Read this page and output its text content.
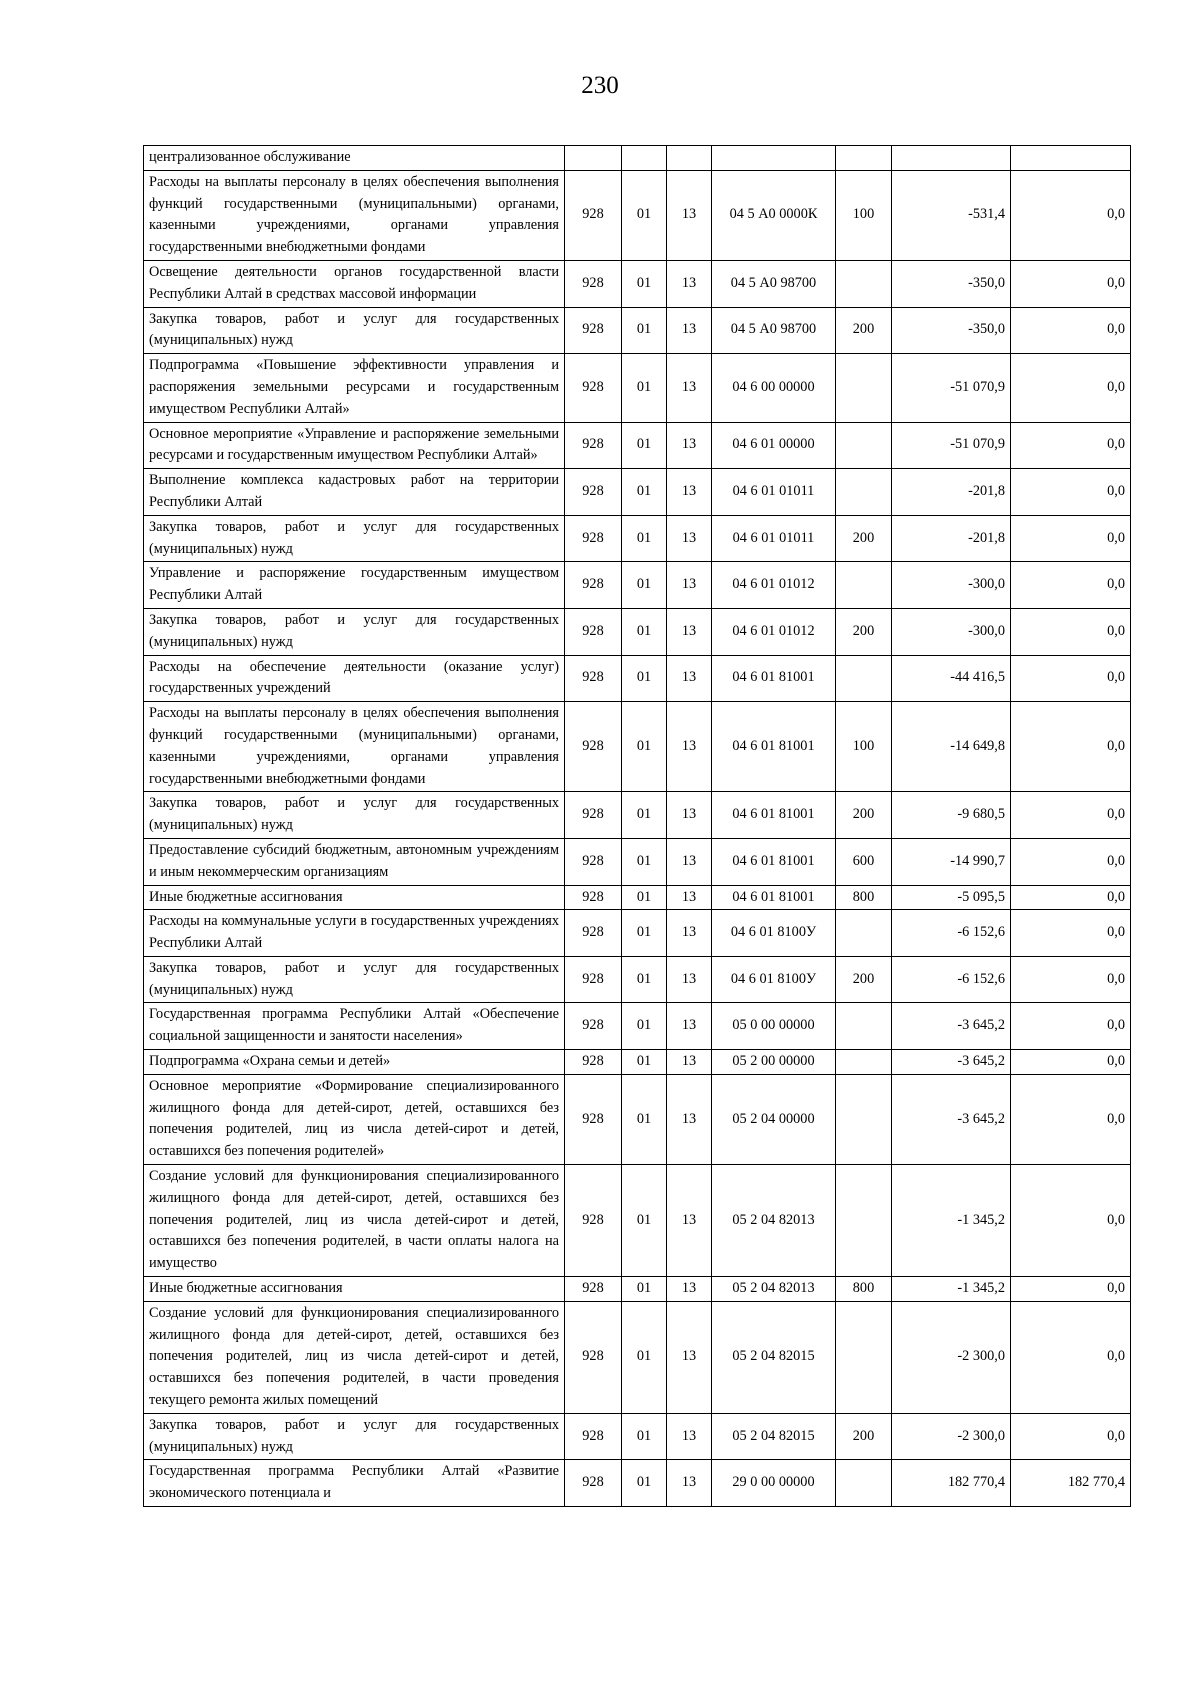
230
централизованное обслуживание							
Расходы на выплаты персоналу в целях обеспечения выполнения функций государственными (муниципальными) органами, казенными учреждениями, органами управления государственными внебюджетными фондами	928	01	13	04 5 А0 0000К	100	-531,4	0,0
Освещение деятельности органов государственной власти Республики Алтай в средствах массовой информации	928	01	13	04 5 А0 98700		-350,0	0,0
Закупка товаров, работ и услуг для государственных (муниципальных) нужд	928	01	13	04 5 А0 98700	200	-350,0	0,0
Подпрограмма «Повышение эффективности управления и распоряжения земельными ресурсами и государственным имуществом Республики Алтай»	928	01	13	04 6 00 00000		-51 070,9	0,0
Основное мероприятие «Управление и распоряжение земельными ресурсами и государственным имуществом Республики Алтай»	928	01	13	04 6 01 00000		-51 070,9	0,0
Выполнение комплекса кадастровых работ на территории Республики Алтай	928	01	13	04 6 01 01011		-201,8	0,0
Закупка товаров, работ и услуг для государственных (муниципальных) нужд	928	01	13	04 6 01 01011	200	-201,8	0,0
Управление и распоряжение государственным имуществом Республики Алтай	928	01	13	04 6 01 01012		-300,0	0,0
Закупка товаров, работ и услуг для государственных (муниципальных) нужд	928	01	13	04 6 01 01012	200	-300,0	0,0
Расходы на обеспечение деятельности (оказание услуг) государственных учреждений	928	01	13	04 6 01 81001		-44 416,5	0,0
Расходы на выплаты персоналу в целях обеспечения выполнения функций государственными (муниципальными) органами, казенными учреждениями, органами управления государственными внебюджетными фондами	928	01	13	04 6 01 81001	100	-14 649,8	0,0
Закупка товаров, работ и услуг для государственных (муниципальных) нужд	928	01	13	04 6 01 81001	200	-9 680,5	0,0
Предоставление субсидий бюджетным, автономным учреждениям и иным некоммерческим организациям	928	01	13	04 6 01 81001	600	-14 990,7	0,0
Иные бюджетные ассигнования	928	01	13	04 6 01 81001	800	-5 095,5	0,0
Расходы на коммунальные услуги в государственных учреждениях Республики Алтай	928	01	13	04 6 01 8100У		-6 152,6	0,0
Закупка товаров, работ и услуг для государственных (муниципальных) нужд	928	01	13	04 6 01 8100У	200	-6 152,6	0,0
Государственная программа Республики Алтай «Обеспечение социальной защищенности и занятости населения»	928	01	13	05 0 00 00000		-3 645,2	0,0
Подпрограмма «Охрана семьи и детей»	928	01	13	05 2 00 00000		-3 645,2	0,0
Основное мероприятие «Формирование специализированного жилищного фонда для детей-сирот, детей, оставшихся без попечения родителей, лиц из числа детей-сирот и детей, оставшихся без попечения родителей»	928	01	13	05 2 04 00000		-3 645,2	0,0
Создание условий для функционирования специализированного жилищного фонда для детей-сирот, детей, оставшихся без попечения родителей, лиц из числа детей-сирот и детей, оставшихся без попечения родителей, в части оплаты налога на имущество	928	01	13	05 2 04 82013		-1 345,2	0,0
Иные бюджетные ассигнования	928	01	13	05 2 04 82013	800	-1 345,2	0,0
Создание условий для функционирования специализированного жилищного фонда для детей-сирот, детей, оставшихся без попечения родителей, лиц из числа детей-сирот и детей, оставшихся без попечения родителей, в части проведения текущего ремонта жилых помещений	928	01	13	05 2 04 82015		-2 300,0	0,0
Закупка товаров, работ и услуг для государственных (муниципальных) нужд	928	01	13	05 2 04 82015	200	-2 300,0	0,0
Государственная программа Республики Алтай «Развитие экономического потенциала и	928	01	13	29 0 00 00000		182 770,4	182 770,4
